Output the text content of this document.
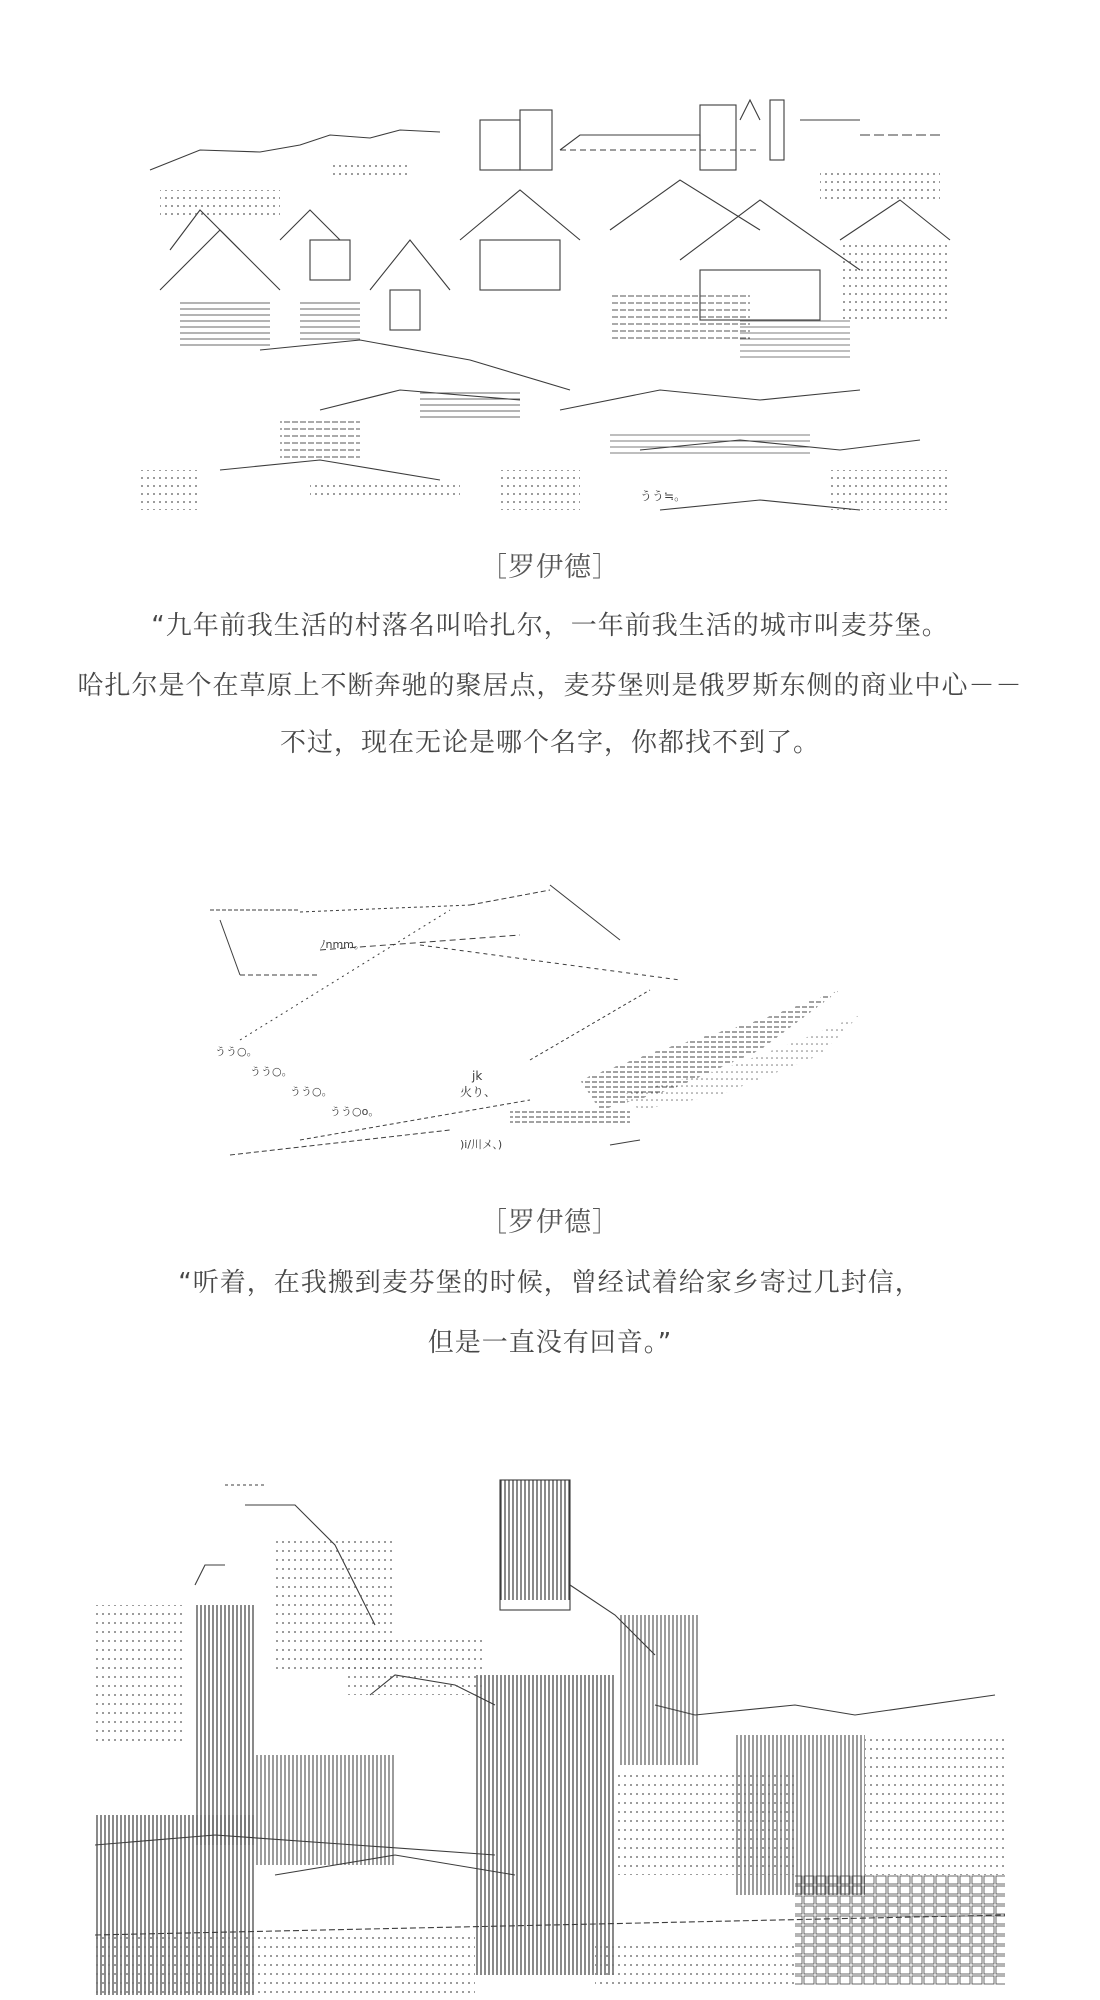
うう≒。
［罗伊德］
“九年前我生活的村落名叫哈扎尔，一年前我生活的城市叫麦芬堡。
哈扎尔是个在草原上不断奔驰的聚居点，麦芬堡则是俄罗斯东侧的商业中心－－
不过，现在无论是哪个名字，你都找不到了。
ﾉnmm。
うう○。
うう○。
うう○。
うう○o。
jk
火り、
)i/川メ、)
［罗伊德］
“听着，在我搬到麦芬堡的时候，曾经试着给家乡寄过几封信，
但是一直没有回音。”
